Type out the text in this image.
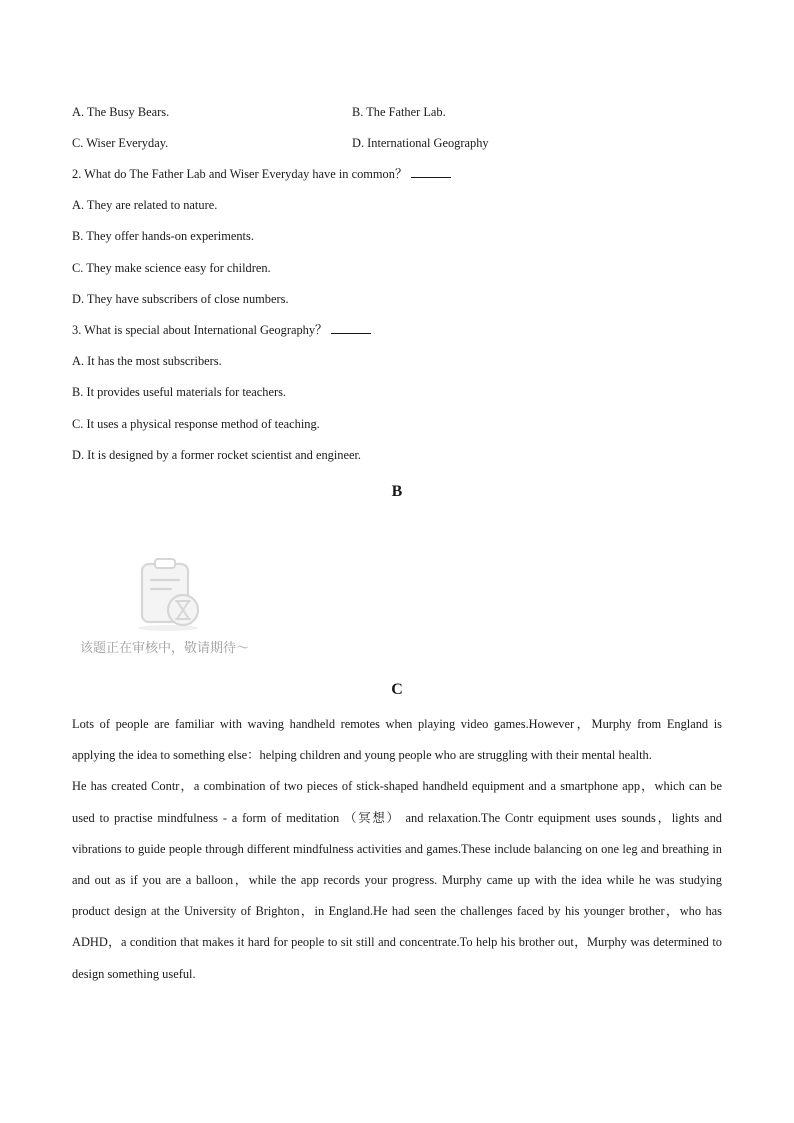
A. The Busy Bears.	B. The Father Lab.
C. Wiser Everyday.	D. International Geography
2. What do The Father Lab and Wiser Everyday have in common？
A. They are related to nature.
B. They offer hands-on experiments.
C. They make science easy for children.
D. They have subscribers of close numbers.
3. What is special about International Geography？
A. It has the most subscribers.
B. It provides useful materials for teachers.
C. It uses a physical response method of teaching.
D. It is designed by a former rocket scientist and engineer.
B
该题正在审核中，敬请期待～
C

Lots of people are familiar with waving handheld remotes when playing video games.However，Murphy from England is applying the idea to something else：helping children and young people who are struggling with their mental health.

He has created Contr，a combination of two pieces of stick-shaped handheld equipment and a smartphone app，which can be used to practise mindfulness - a form of meditation （冥想） and relaxation.The Contr equipment uses sounds，lights and vibrations to guide people through different mindfulness activities and games.These include balancing on one leg and breathing in and out as if you are a balloon，while the app records your progress. Murphy came up with the idea while he was studying product design at the University of Brighton，in England.He had seen the challenges faced by his younger brother，who has ADHD，a condition that makes it hard for people to sit still and concentrate.To help his brother out，Murphy was determined to design something useful.
